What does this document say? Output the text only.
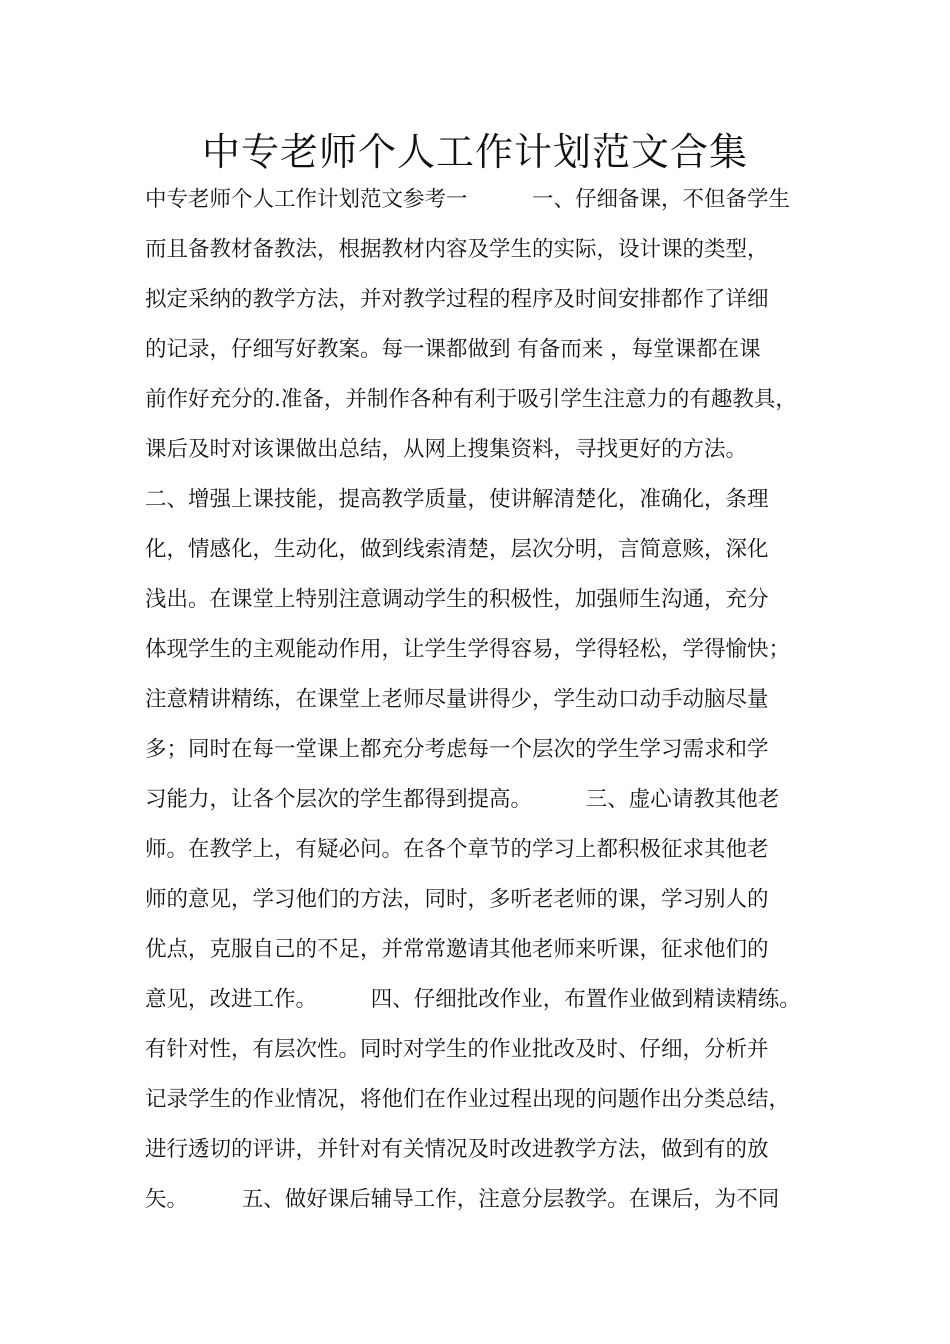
中专老师个人工作计划范文合集
中专老师个人工作计划范文参考一　　　一、仔细备课，不但备学生
而且备教材备教法，根据教材内容及学生的实际，设计课的类型，
拟定采纳的教学方法，并对教学过程的程序及时间安排都作了详细
的记录，仔细写好教案。每一课都做到 有备而来 ，每堂课都在课
前作好充分的.准备，并制作各种有利于吸引学生注意力的有趣教具，
课后及时对该课做出总结，从网上搜集资料，寻找更好的方法。
二、增强上课技能，提高教学质量，使讲解清楚化，准确化，条理
化，情感化，生动化，做到线索清楚，层次分明，言简意赅，深化
浅出。在课堂上特别注意调动学生的积极性，加强师生沟通，充分
体现学生的主观能动作用，让学生学得容易，学得轻松，学得愉快；
注意精讲精练，在课堂上老师尽量讲得少，学生动口动手动脑尽量
多；同时在每一堂课上都充分考虑每一个层次的学生学习需求和学
习能力，让各个层次的学生都得到提高。　　　三、虚心请教其他老
师。在教学上，有疑必问。在各个章节的学习上都积极征求其他老
师的意见，学习他们的方法，同时，多听老老师的课，学习别人的
优点，克服自己的不足，并常常邀请其他老师来听课，征求他们的
意见，改进工作。　　　四、仔细批改作业，布置作业做到精读精练。
有针对性，有层次性。同时对学生的作业批改及时、仔细，分析并
记录学生的作业情况，将他们在作业过程出现的问题作出分类总结，
进行透切的评讲，并针对有关情况及时改进教学方法，做到有的放
矢。　　　五、做好课后辅导工作，注意分层教学。在课后，为不同
